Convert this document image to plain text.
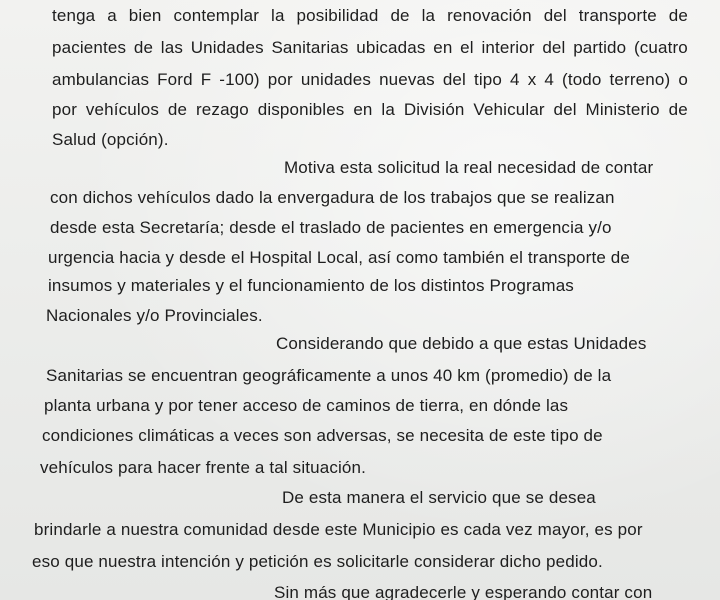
tenga a bien contemplar la posibilidad de la renovación del transporte de
pacientes de las Unidades Sanitarias ubicadas en el interior del partido (cuatro
ambulancias Ford F -100) por unidades nuevas del tipo 4 x 4 (todo terreno) o
por vehículos de rezago disponibles en la División Vehicular del Ministerio de
Salud (opción).
Motiva esta solicitud la real necesidad de contar
con dichos vehículos dado la envergadura de los trabajos que se realizan
desde esta Secretaría; desde el traslado de pacientes en emergencia y/o
urgencia hacia y desde el Hospital Local, así como también el transporte de
insumos y materiales y el funcionamiento de los distintos Programas
Nacionales y/o Provinciales.
Considerando que debido a que estas Unidades
Sanitarias se encuentran geográficamente a unos 40 km (promedio) de la
planta urbana y por tener acceso de caminos de tierra, en dónde las
condiciones climáticas a veces son adversas, se necesita de este tipo de
vehículos para hacer frente a tal situación.
De esta manera el servicio que se desea
brindarle a nuestra comunidad desde este Municipio es cada vez mayor, es por
eso que nuestra intención y petición es solicitarle considerar dicho pedido.
Sin más que agradecerle y esperando contar con
